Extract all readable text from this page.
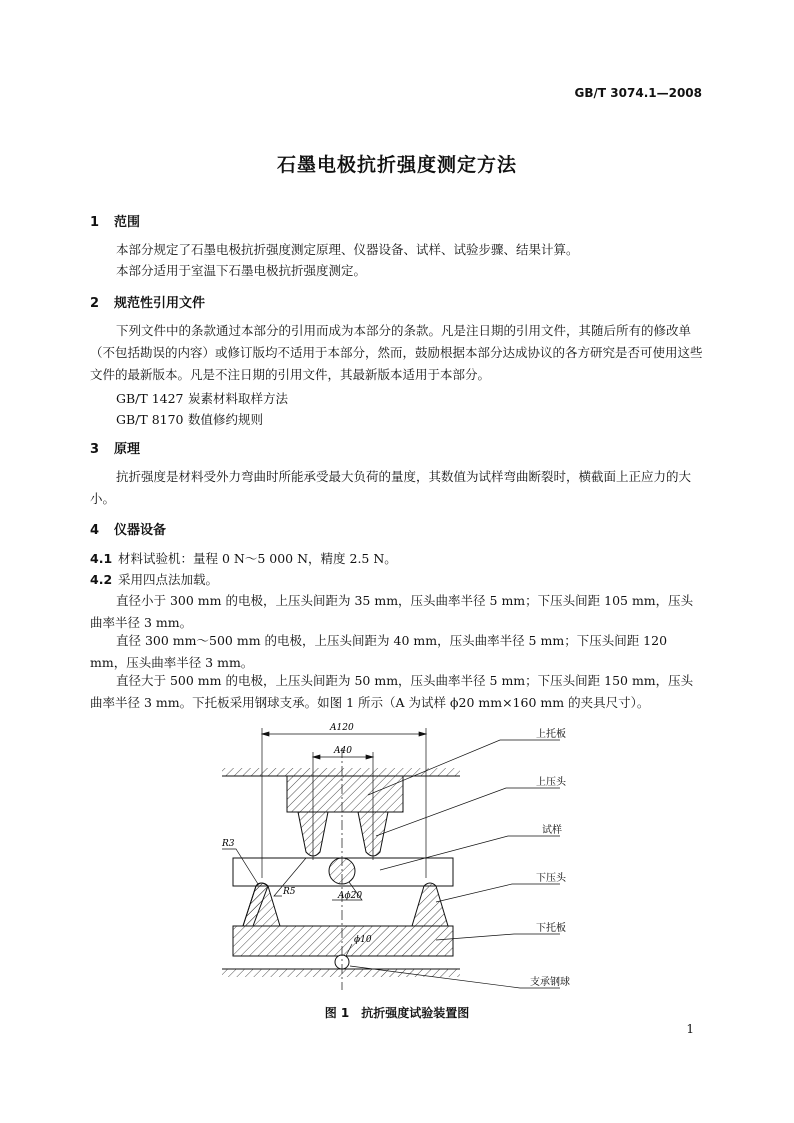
GB/T 3074.1—2008
石墨电极抗折强度测定方法
1 范围
本部分规定了石墨电极抗折强度测定原理、仪器设备、试样、试验步骤、结果计算。
本部分适用于室温下石墨电极抗折强度测定。
2 规范性引用文件
下列文件中的条款通过本部分的引用而成为本部分的条款。凡是注日期的引用文件，其随后所有的修改单（不包括勘误的内容）或修订版均不适用于本部分，然而，鼓励根据本部分达成协议的各方研究是否可使用这些文件的最新版本。凡是不注日期的引用文件，其最新版本适用于本部分。
GB/T 1427 炭素材料取样方法
GB/T 8170 数值修约规则
3 原理
抗折强度是材料受外力弯曲时所能承受最大负荷的量度，其数值为试样弯曲断裂时，横截面上正应力的大小。
4 仪器设备
4.1 材料试验机：量程 0 N～5 000 N，精度 2.5 N。
4.2 采用四点法加载。
直径小于 300 mm 的电极，上压头间距为 35 mm，压头曲率半径 5 mm；下压头间距 105 mm，压头曲率半径 3 mm。
直径 300 mm～500 mm 的电极，上压头间距为 40 mm，压头曲率半径 5 mm；下压头间距 120 mm，压头曲率半径 3 mm。
直径大于 500 mm 的电极，上压头间距为 50 mm，压头曲率半径 5 mm；下压头间距 150 mm，压头曲率半径 3 mm。下托板采用钢球支承。如图 1 所示（A 为试样 ϕ20 mm×160 mm 的夹具尺寸）。
A120
A40
R3
R5	Aϕ20
ϕ10
上托板
上压头
试样
下压头
下托板
支承钢球
图 1 抗折强度试验装置图
1
